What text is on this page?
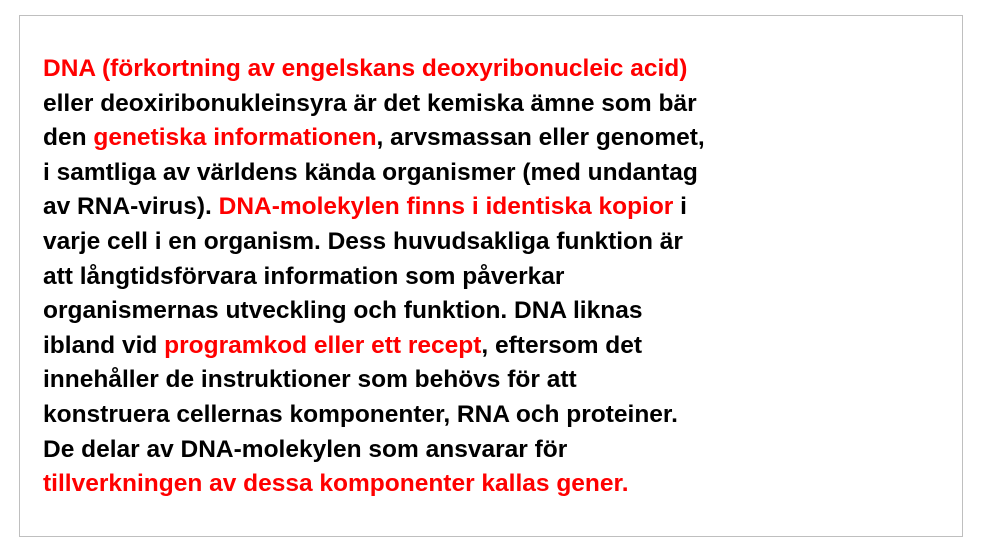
DNA (förkortning av engelskans deoxyribonucleic acid)
eller deoxiribonukleinsyra är det kemiska ämne som bär
den genetiska informationen, arvsmassan eller genomet,
i samtliga av världens kända organismer (med undantag
av RNA-virus). DNA-molekylen finns i identiska kopior i
varje cell i en organism. Dess huvudsakliga funktion är
att långtidsförvara information som påverkar
organismernas utveckling och funktion. DNA liknas
ibland vid programkod eller ett recept, eftersom det
innehåller de instruktioner som behövs för att
konstruera cellernas komponenter, RNA och proteiner.
De delar av DNA-molekylen som ansvarar för
tillverkningen av dessa komponenter kallas gener.
